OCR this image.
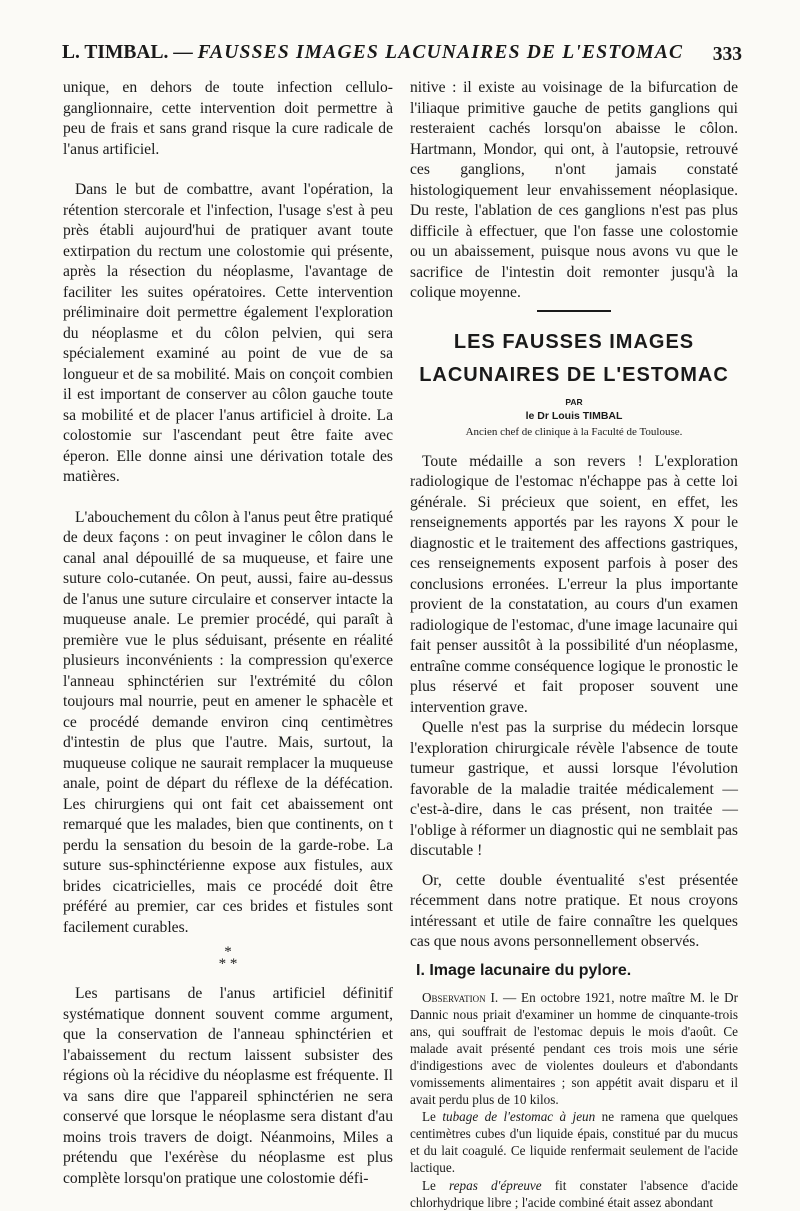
L. TIMBAL. — FAUSSES IMAGES LACUNAIRES DE L'ESTOMAC 333

unique, en dehors de toute infection cellulo-ganglionnaire, cette intervention doit permettre à peu de frais et sans grand risque la cure radicale de l'anus artificiel.

Dans le but de combattre, avant l'opération, la rétention stercorale et l'infection, l'usage s'est à peu près établi aujourd'hui de pratiquer avant toute extirpation du rectum une colostomie qui présente, après la résection du néoplasme, l'avantage de faciliter les suites opératoires. Cette intervention préliminaire doit permettre également l'exploration du néoplasme et du côlon pelvien, qui sera spécialement examiné au point de vue de sa longueur et de sa mobilité. Mais on conçoit combien il est important de conserver au côlon gauche toute sa mobilité et de placer l'anus artificiel à droite. La colostomie sur l'ascendant peut être faite avec éperon. Elle donne ainsi une dérivation totale des matières.

L'abouchement du côlon à l'anus peut être pratiqué de deux façons : on peut invaginer le côlon dans le canal anal dépouillé de sa muqueuse, et faire une suture colo-cutanée. On peut, aussi, faire au-dessus de l'anus une suture circulaire et conserver intacte la muqueuse anale. Le premier procédé, qui paraît à première vue le plus séduisant, présente en réalité plusieurs inconvénients : la compression qu'exerce l'anneau sphinctérien sur l'extrémité du côlon toujours mal nourrie, peut en amener le sphacèle et ce procédé demande environ cinq centimètres d'intestin de plus que l'autre. Mais, surtout, la muqueuse colique ne saurait remplacer la muqueuse anale, point de départ du réflexe de la défécation. Les chirurgiens qui ont fait cet abaissement ont remarqué que les malades, bien que continents, on t perdu la sensation du besoin de la garde-robe. La suture sus-sphinctérienne expose aux fistules, aux brides cicatricielles, mais ce procédé doit être préféré au premier, car ces brides et fistules sont facilement curables.

*
* *

Les partisans de l'anus artificiel définitif systématique donnent souvent comme argument, que la conservation de l'anneau sphinctérien et l'abaissement du rectum laissent subsister des régions où la récidive du néoplasme est fréquente. Il va sans dire que l'appareil sphinctérien ne sera conservé que lorsque le néoplasme sera distant d'au moins trois travers de doigt. Néanmoins, Miles a prétendu que l'exérèse du néoplasme est plus complète lorsqu'on pratique une colostomie défi-

nitive : il existe au voisinage de la bifurcation de l'iliaque primitive gauche de petits ganglions qui resteraient cachés lorsqu'on abaisse le côlon. Hartmann, Mondor, qui ont, à l'autopsie, retrouvé ces ganglions, n'ont jamais constaté histologiquement leur envahissement néoplasique. Du reste, l'ablation de ces ganglions n'est pas plus difficile à effectuer, que l'on fasse une colostomie ou un abaissement, puisque nous avons vu que le sacrifice de l'intestin doit remonter jusqu'à la colique moyenne.

LES FAUSSES IMAGES
LACUNAIRES DE L'ESTOMAC
PAR
le Dr Louis TIMBAL
Ancien chef de clinique à la Faculté de Toulouse.

Toute médaille a son revers ! L'exploration radiologique de l'estomac n'échappe pas à cette loi générale. Si précieux que soient, en effet, les renseignements apportés par les rayons X pour le diagnostic et le traitement des affections gastriques, ces renseignements exposent parfois à poser des conclusions erronées. L'erreur la plus importante provient de la constatation, au cours d'un examen radiologique de l'estomac, d'une image lacunaire qui fait penser aussitôt à la possibilité d'un néoplasme, entraîne comme conséquence logique le pronostic le plus réservé et fait proposer souvent une intervention grave.

Quelle n'est pas la surprise du médecin lorsque l'exploration chirurgicale révèle l'absence de toute tumeur gastrique, et aussi lorsque l'évolution favorable de la maladie traitée médicalement — c'est-à-dire, dans le cas présent, non traitée — l'oblige à réformer un diagnostic qui ne semblait pas discutable !

Or, cette double éventualité s'est présentée récemment dans notre pratique. Et nous croyons intéressant et utile de faire connaître les quelques cas que nous avons personnellement observés.

I. Image lacunaire du pylore.

Observation I. — En octobre 1921, notre maître M. le Dr Dannic nous priait d'examiner un homme de cinquante-trois ans, qui souffrait de l'estomac depuis le mois d'août. Ce malade avait présenté pendant ces trois mois une série d'indigestions avec de violentes douleurs et d'abondants vomissements alimentaires ; son appétit avait disparu et il avait perdu plus de 10 kilos.

Le tubage de l'estomac à jeun ne ramena que quelques centimètres cubes d'un liquide épais, constitué par du mucus et du lait coagulé. Ce liquide renfermait seulement de l'acide lactique.

Le repas d'épreuve fit constater l'absence d'acide chlorhydrique libre ; l'acide combiné était assez abondant
